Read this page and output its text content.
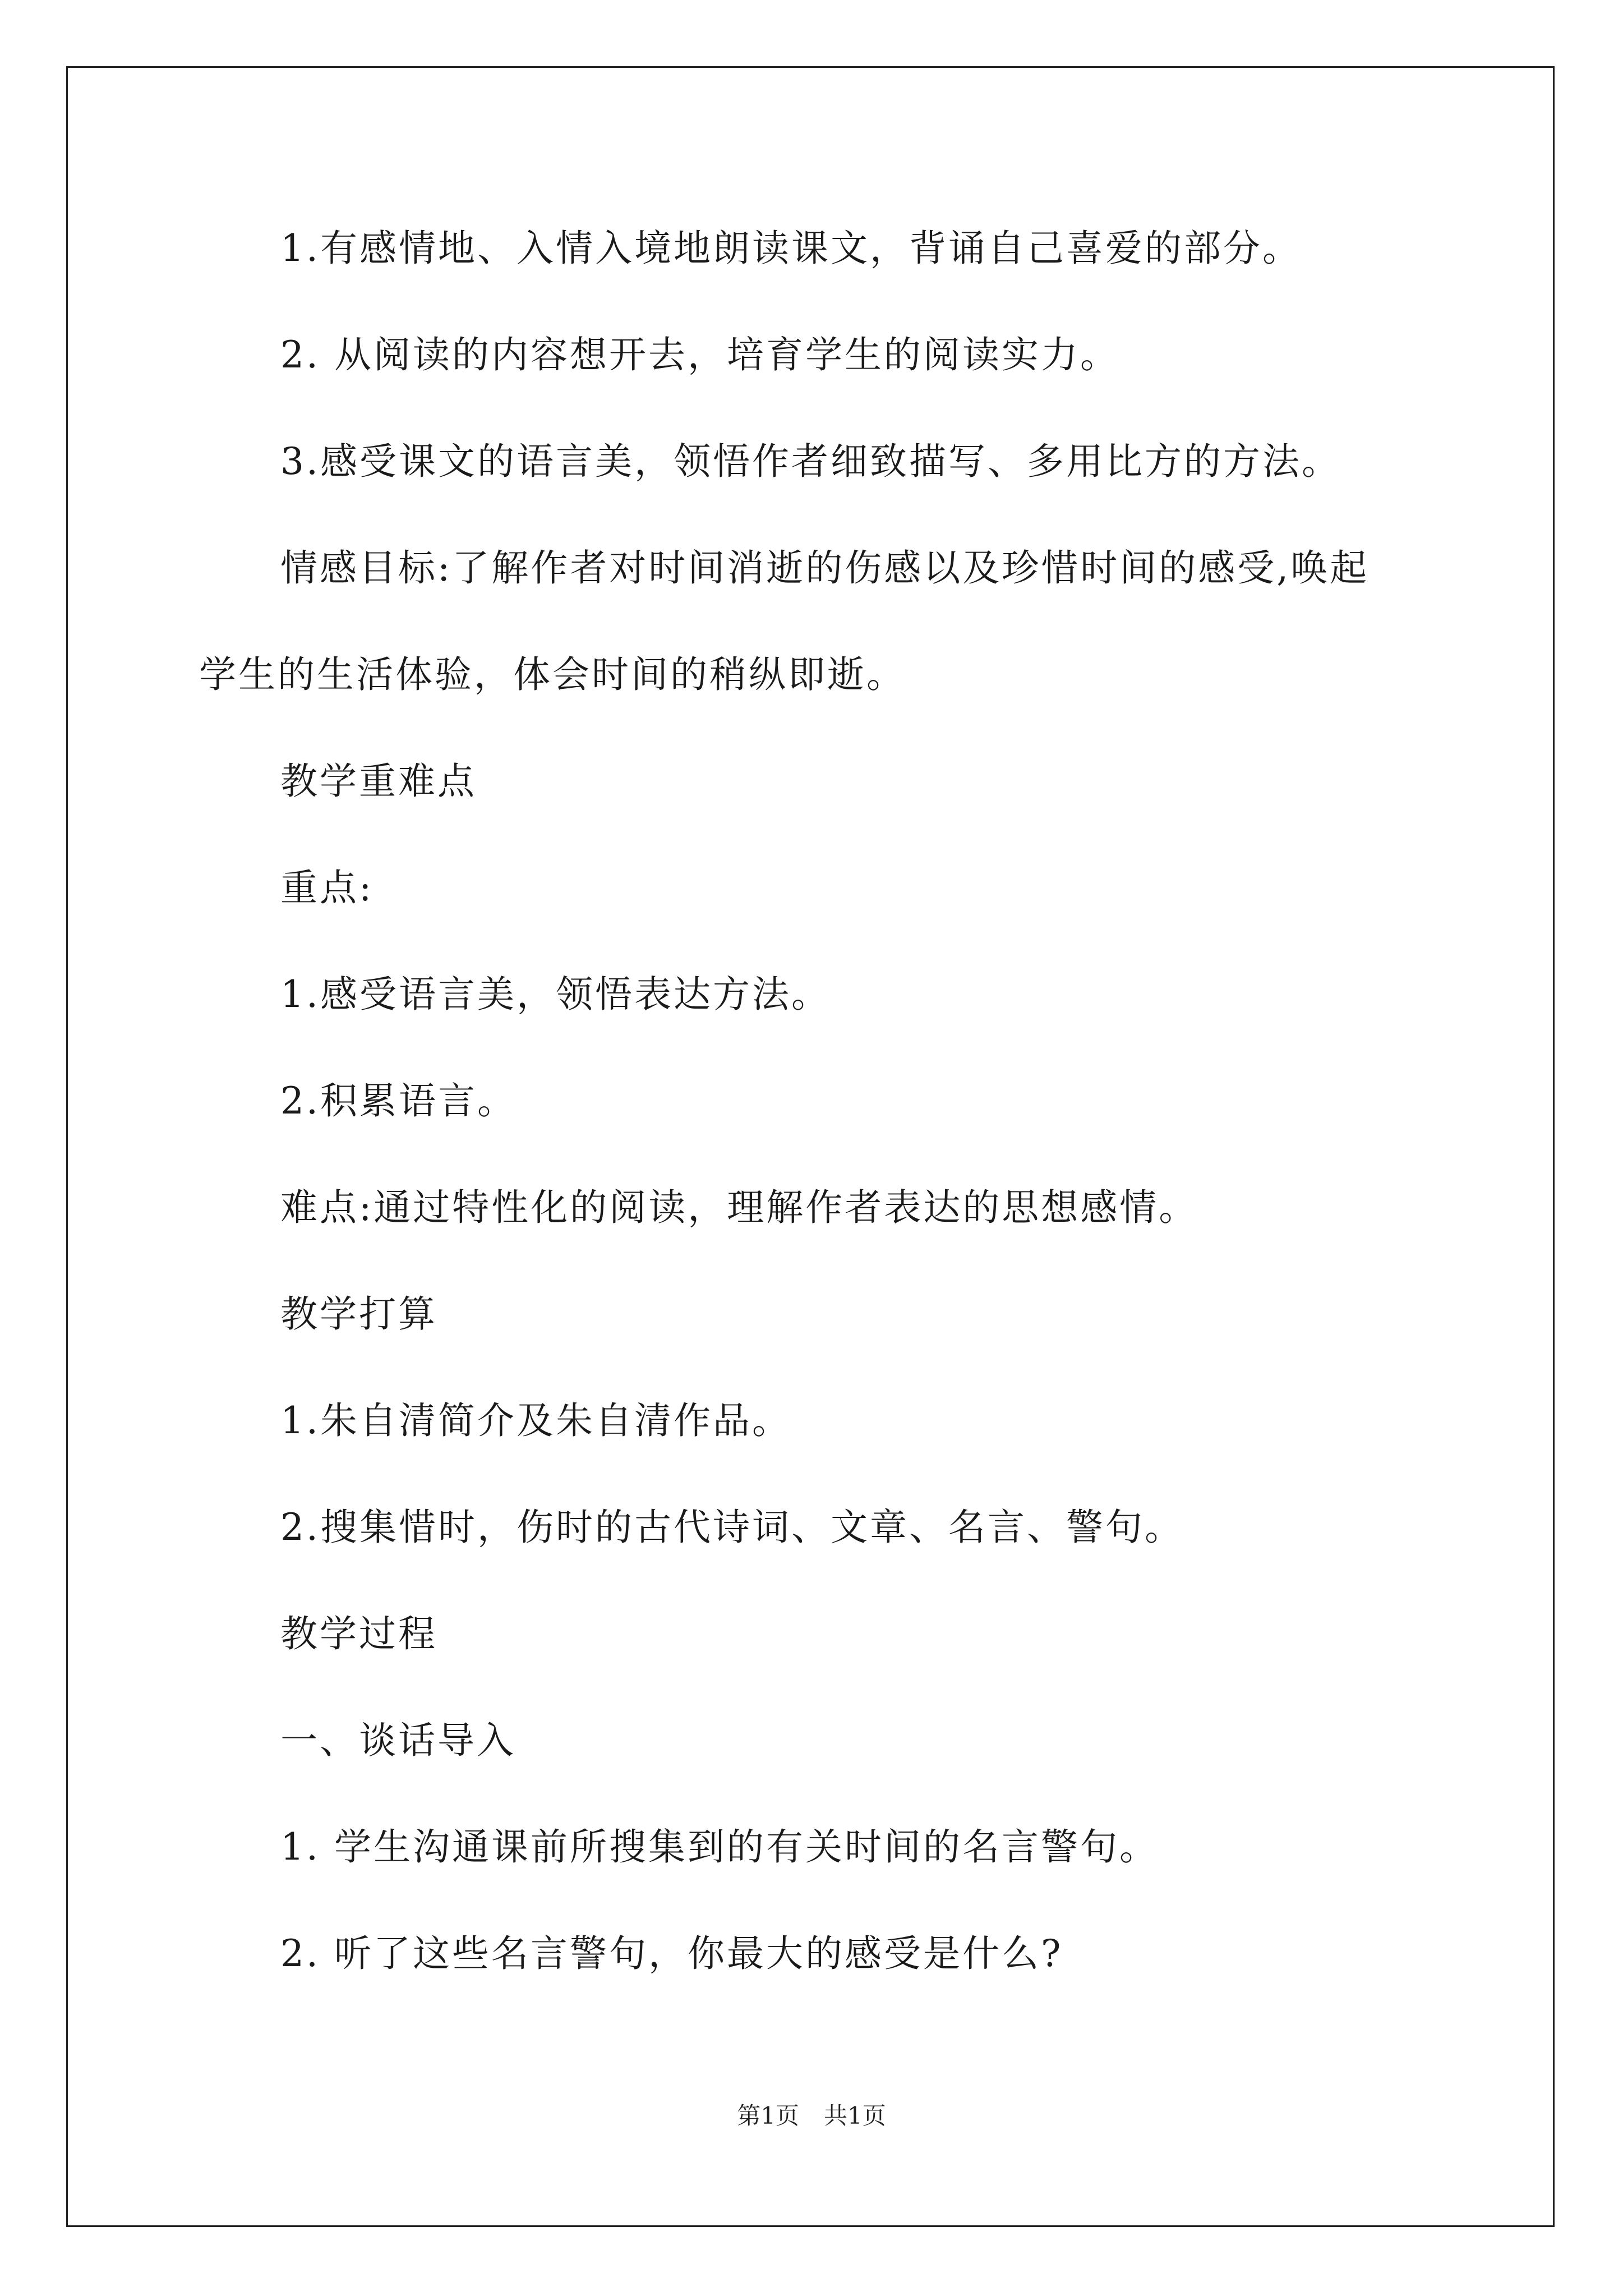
1.有感情地、入情入境地朗读课文，背诵自己喜爱的部分。
2. 从阅读的内容想开去，培育学生的阅读实力。
3.感受课文的语言美，领悟作者细致描写、多用比方的方法。
情感目标:了解作者对时间消逝的伤感以及珍惜时间的感受,唤起
学生的生活体验，体会时间的稍纵即逝。
教学重难点
重点:
1.感受语言美，领悟表达方法。
2.积累语言。
难点:通过特性化的阅读，理解作者表达的思想感情。
教学打算
1.朱自清简介及朱自清作品。
2.搜集惜时，伤时的古代诗词、文章、名言、警句。
教学过程
一、谈话导入
1. 学生沟通课前所搜集到的有关时间的名言警句。
2. 听了这些名言警句，你最大的感受是什么?
第1页 共1页
